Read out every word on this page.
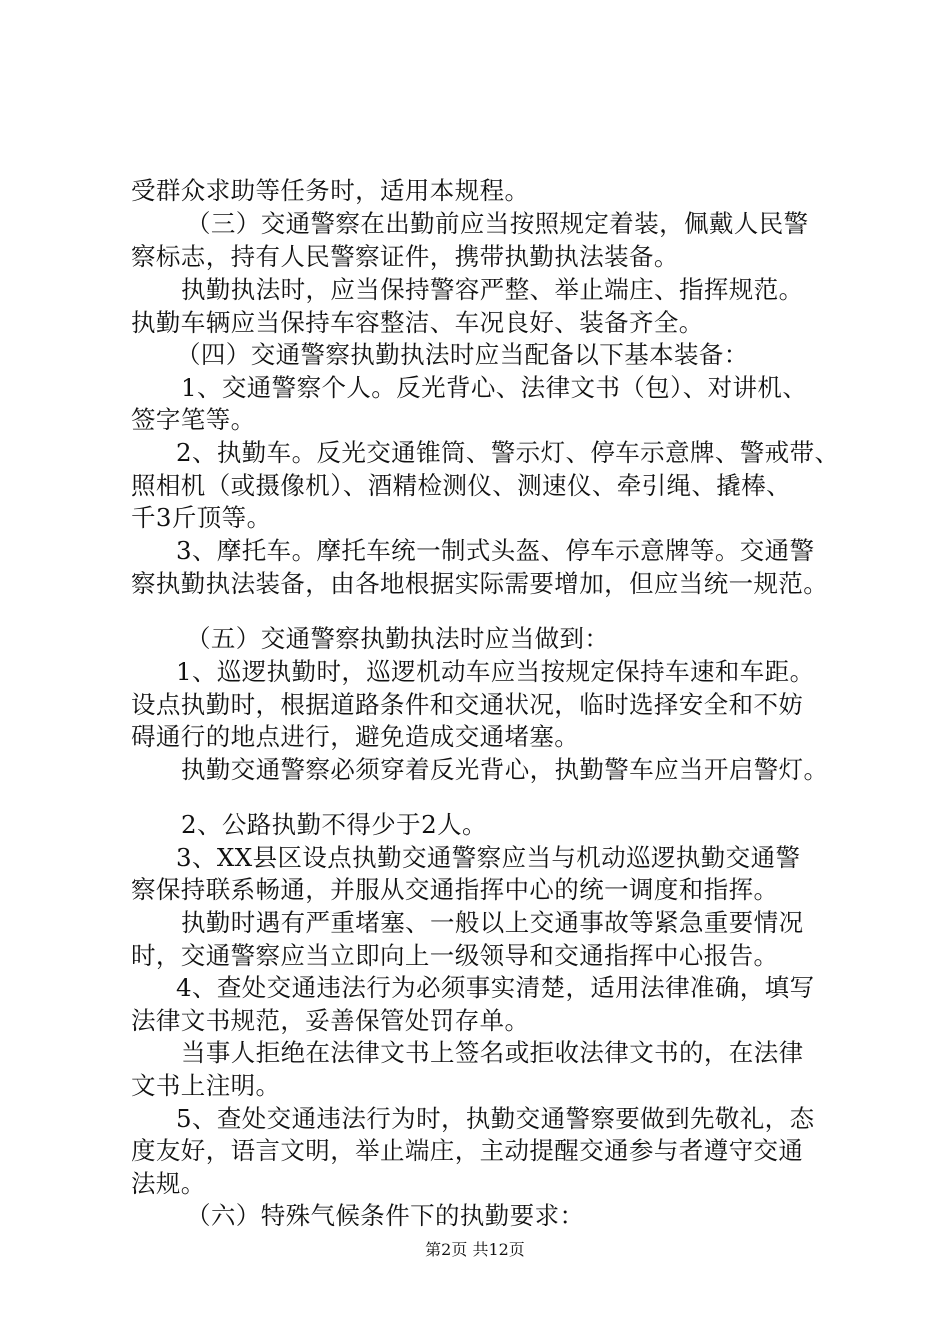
受群众求助等任务时，适用本规程。
（三）交通警察在出勤前应当按照规定着装，佩戴人民警
察标志，持有人民警察证件，携带执勤执法装备。
执勤执法时，应当保持警容严整、举止端庄、指挥规范。
执勤车辆应当保持车容整洁、车况良好、装备齐全。
（四）交通警察执勤执法时应当配备以下基本装备：
1、交通警察个人。反光背心、法律文书（包）、对讲机、
签字笔等。
2、执勤车。反光交通锥筒、警示灯、停车示意牌、警戒带、
照相机（或摄像机）、酒精检测仪、测速仪、牵引绳、撬棒、
千3斤顶等。
3、摩托车。摩托车统一制式头盔、停车示意牌等。交通警
察执勤执法装备，由各地根据实际需要增加，但应当统一规范。
（五）交通警察执勤执法时应当做到：
1、巡逻执勤时，巡逻机动车应当按规定保持车速和车距。
设点执勤时，根据道路条件和交通状况，临时选择安全和不妨
碍通行的地点进行，避免造成交通堵塞。
执勤交通警察必须穿着反光背心，执勤警车应当开启警灯。
2、公路执勤不得少于2人。
3、XX县区设点执勤交通警察应当与机动巡逻执勤交通警
察保持联系畅通，并服从交通指挥中心的统一调度和指挥。
执勤时遇有严重堵塞、一般以上交通事故等紧急重要情况
时，交通警察应当立即向上一级领导和交通指挥中心报告。
4、查处交通违法行为必须事实清楚，适用法律准确，填写
法律文书规范，妥善保管处罚存单。
当事人拒绝在法律文书上签名或拒收法律文书的，在法律
文书上注明。
5、查处交通违法行为时，执勤交通警察要做到先敬礼，态
度友好，语言文明，举止端庄，主动提醒交通参与者遵守交通
法规。
（六）特殊气候条件下的执勤要求：
第2页 共12页
